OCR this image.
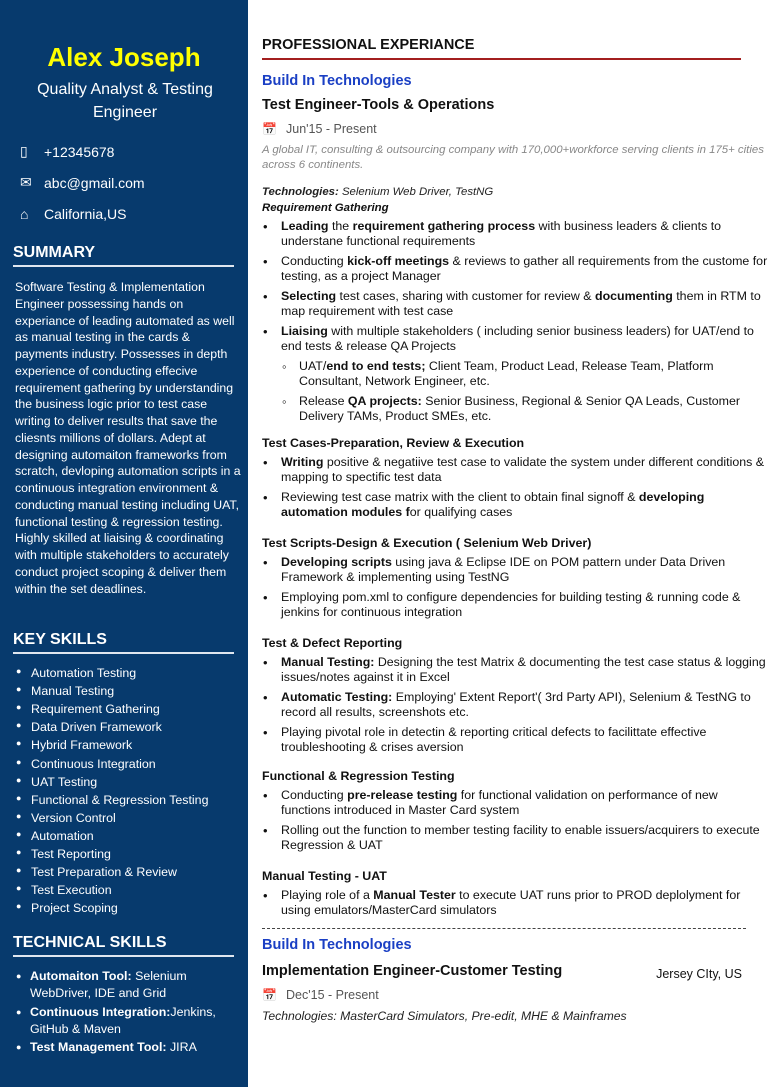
Alex Joseph
Quality Analyst & Testing Engineer
▯	+12345678
✉ abc@gmail.com
⌂	California,US
SUMMARY
Software Testing & Implementation Engineer possessing hands on experiance of leading automated as well as manual testing in the cards & payments industry. Possesses in depth experience of conducting effecive requirement gathering by understanding the business logic prior to test case writing to deliver results that save the cliesnts millions of dollars. Adept at designing automaiton frameworks from scratch, devloping automation scripts in a continuous integration environment & conducting manual testing including UAT, functional testing & regression testing. Highly skilled at liaising & coordinating with multiple stakeholders to accurately conduct project scoping & deliver them within the set deadlines.
KEY SKILLS
TECHNICAL SKILLS
● Automation Testing
● Manual Testing
● Requirement Gathering
● Data Driven Framework
● Hybrid Framework
● Continuous Integration
● UAT Testing
● Functional & Regression Testing
● Version Control
● Automation
● Test Reporting
● Test Preparation & Review
● Test Execution
● Project Scoping
● Automaiton Tool: Selenium WebDriver, IDE and Grid
● Continuous Integration:Jenkins, GitHub & Maven
● Test Management Tool: JIRA
PROFESSIONAL EXPERIANCE
Build In Technologies
Test Engineer-Tools & Operations
📅 Jun'15 - Present
A global IT, consulting & outsourcing company with 170,000+workforce serving clients in 175+ cities across 6 continents.
Technologies: Selenium Web Driver, TestNG
Requirement Gathering
• Leading the requirement gathering process with business leaders & clients to understane functional requirements
• Conducting kick-off meetings & reviews to gather all requirements from the custome for testing, as a project Manager
• Selecting test cases, sharing with customer for review & documenting them in RTM to map requirement with test case
• Liaising with multiple stakeholders ( including senior business leaders) for UAT/end to end tests & release QA Projects
◦ UAT/end to end tests; Client Team, Product Lead, Release Team, Platform Consultant, Network Engineer, etc.
◦ Release QA projects: Senior Business, Regional & Senior QA Leads, Customer Delivery TAMs, Product SMEs, etc.
Test Cases-Preparation, Review & Execution
• Writing positive & negatiive test case to validate the system under different conditions & mapping to spectific test data
• Reviewing test case matrix with the client to obtain final signoff & developing automation modules for qualifying cases
Test Scripts-Design & Execution ( Selenium Web Driver)
• Developing scripts using java & Eclipse IDE on POM pattern under Data Driven Framework & implementing using TestNG
• Employing pom.xml to configure dependencies for building testing & running code & jenkins for continuous integration
Test & Defect Reporting
• Manual Testing: Designing the test Matrix & documenting the test case status & logging issues/notes against it in Excel
• Automatic Testing: Employing' Extent Report'( 3rd Party API), Selenium & TestNG to record all results, screenshots etc.
• Playing pivotal role in detectin & reporting critical defects to facilittate effective troubleshooting & crises aversion
Functional & Regression Testing
• Conducting pre-release testing for functional validation on performance of new functions introduced in Master Card system
• Rolling out the function to member testing facility to enable issuers/acquirers to execute Regression & UAT
Manual Testing - UAT
• Playing role of a Manual Tester to execute UAT runs prior to PROD deplolyment for using emulators/MasterCard simulators
Build In Technologies
Implementation Engineer-Customer Testing	Jersey CIty, US
📅 Dec'15 - Present
Technologies: MasterCard Simulators, Pre-edit, MHE & Mainframes
